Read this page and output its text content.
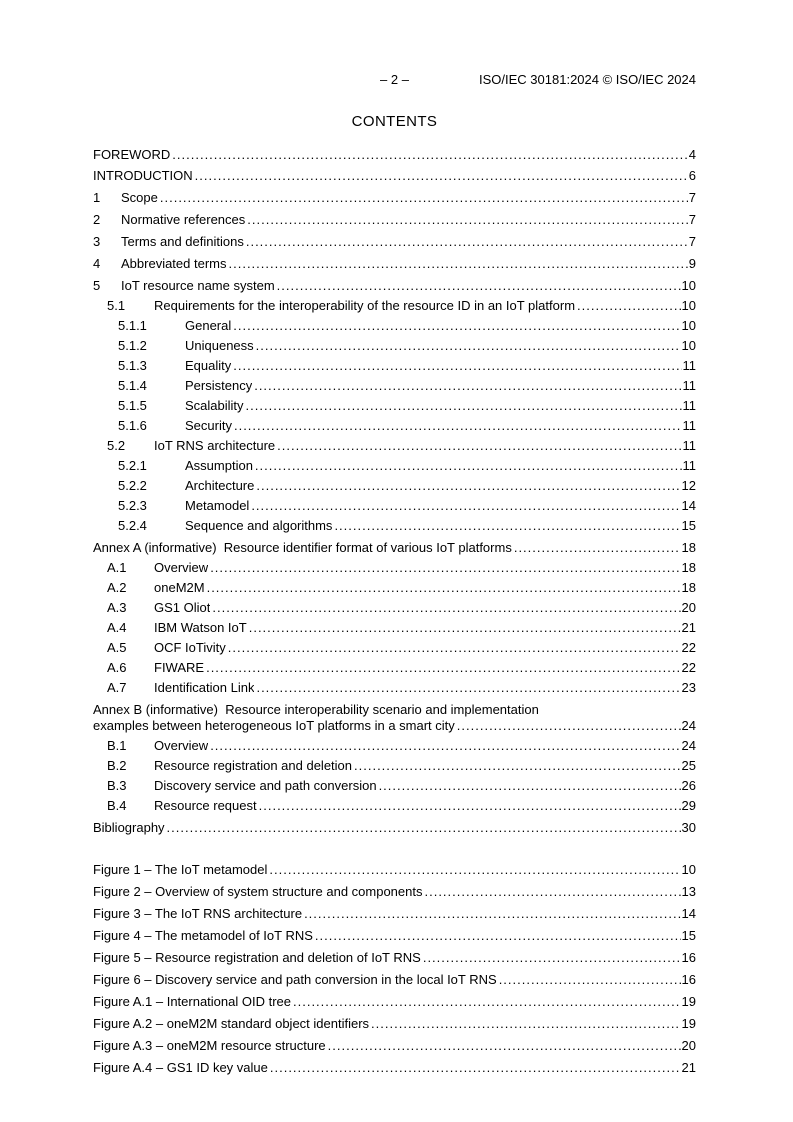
– 2 –	ISO/IEC 30181:2024 © ISO/IEC 2024
CONTENTS
FOREWORD .....	4
INTRODUCTION .....	6
1	Scope .....	7
2	Normative references .....	7
3	Terms and definitions .....	7
4	Abbreviated terms .....	9
5	IoT resource name system .....	10
5.1	Requirements for the interoperability of the resource ID in an IoT platform .....	10
5.1.1	General .....	10
5.1.2	Uniqueness .....	10
5.1.3	Equality .....	11
5.1.4	Persistency .....	11
5.1.5	Scalability .....	11
5.1.6	Security .....	11
5.2	IoT RNS architecture .....	11
5.2.1	Assumption .....	11
5.2.2	Architecture .....	12
5.2.3	Metamodel .....	14
5.2.4	Sequence and algorithms .....	15
Annex A (informative)  Resource identifier format of various IoT platforms .....	18
A.1	Overview .....	18
A.2	oneM2M .....	18
A.3	GS1 Oliot .....	20
A.4	IBM Watson IoT .....	21
A.5	OCF IoTivity .....	22
A.6	FIWARE .....	22
A.7	Identification Link .....	23
Annex B (informative)  Resource interoperability scenario and implementation
examples between heterogeneous IoT platforms in a smart city .....	24
B.1	Overview .....	24
B.2	Resource registration and deletion .....	25
B.3	Discovery service and path conversion .....	26
B.4	Resource request .....	29
Bibliography .....	30
Figure 1 – The IoT metamodel .....	10
Figure 2 – Overview of system structure and components .....	13
Figure 3 – The IoT RNS architecture .....	14
Figure 4 – The metamodel of IoT RNS .....	15
Figure 5 – Resource registration and deletion of IoT RNS .....	16
Figure 6 – Discovery service and path conversion in the local IoT RNS .....	16
Figure A.1 – International OID tree .....	19
Figure A.2 – oneM2M standard object identifiers .....	19
Figure A.3 – oneM2M resource structure .....	20
Figure A.4 – GS1 ID key value .....	21
